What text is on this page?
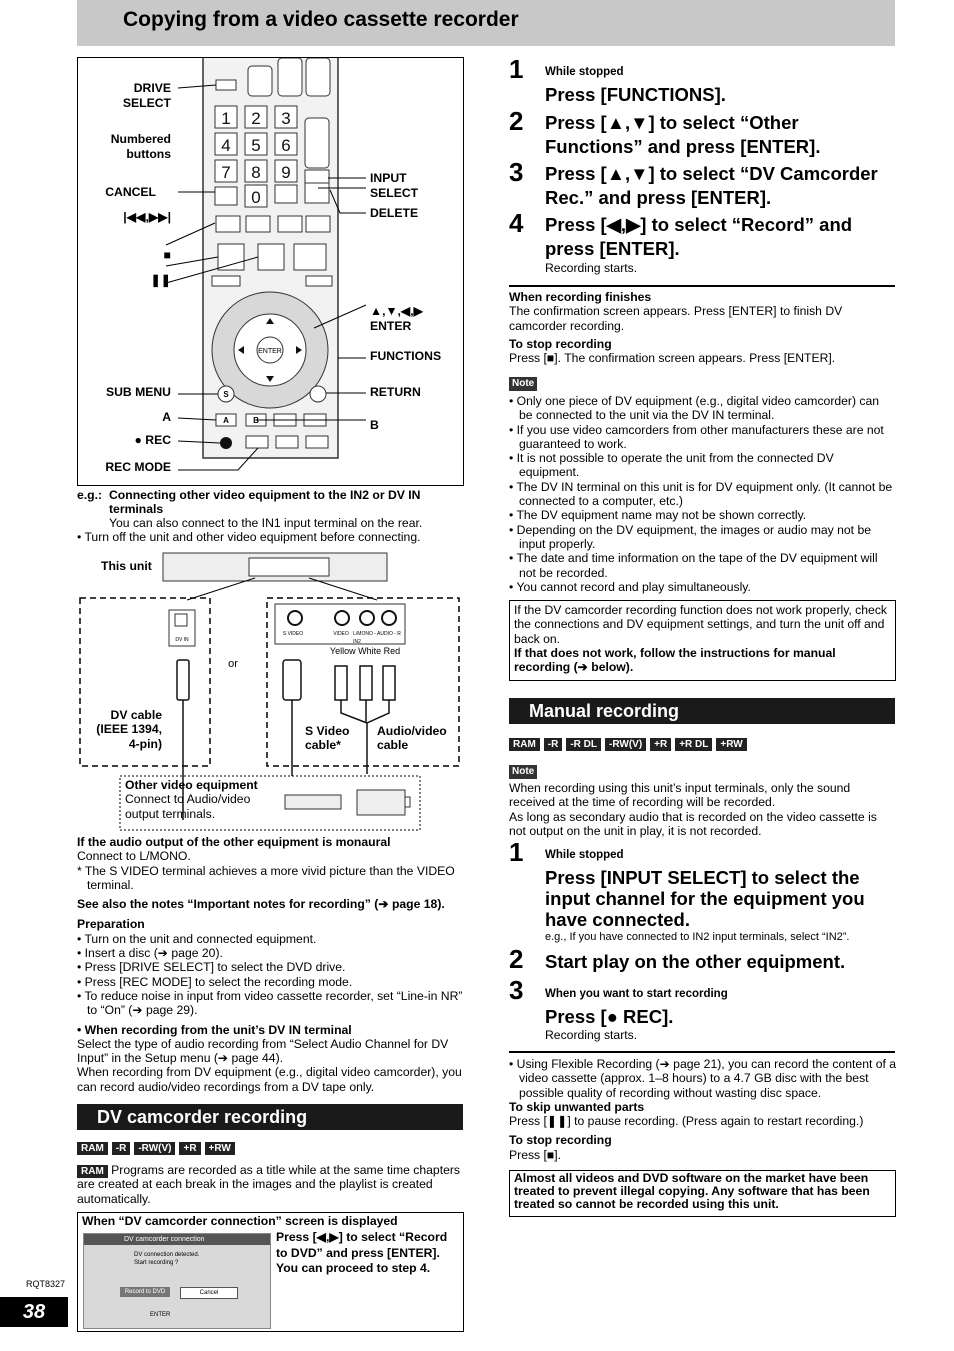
Copying from a video cassette recorder
1 2 3
4 5 6
7 8 9
0
ENTER
S
A	B
DRIVE
SELECT
Numbered
buttons
CANCEL
|◀◀,▶▶|
■
❚❚
SUB MENU
A
● REC
REC MODE
INPUT
SELECT
DELETE
▲,▼,◀,▶
ENTER
FUNCTIONS
RETURN
B
e.g.: Connecting other video equipment to the IN2 or DV IN terminals
You can also connect to the IN1 input terminal on the rear.
• Turn off the unit and other video equipment before connecting.
DV IN
S VIDEO	VIDEO L/MONO - AUDIO - R
IN2
Yellow White Red
or
This unit
DV cable
(IEEE 1394,
4-pin)
S Video
cable*
Audio/video
cable
Other video equipment
Connect to Audio/video
output terminals.

If the audio output of the other equipment is monaural

Connect to L/MONO.

* The S VIDEO terminal achieves a more vivid picture than the VIDEO terminal.

See also the notes “Important notes for recording” (➔ page 18).

Preparation

• Turn on the unit and connected equipment.

• Insert a disc (➔ page 20).

• Press [DRIVE SELECT] to select the DVD drive.

• Press [REC MODE] to select the recording mode.

• To reduce noise in input from video cassette recorder, set “Line-in NR” to “On” (➔ page 29).

• When recording from the unit’s DV IN terminal

Select the type of audio recording from “Select Audio Channel for DV Input” in the Setup menu (➔ page 44).

When recording from DV equipment (e.g., digital video camcorder), you can record audio/video recordings from a DV tape only.

DV camcorder recording
RAM	-R	-RW(V)	+R	+RW
RAM Programs are recorded as a title while at the same time chapters are created at each break in the images and the playlist is created automatically.
When “DV camcorder connection” screen is displayed
DV camcorder connection
DV connection detected.
Start recording ?
Record to DVD	Cancel
ENTER
Press [◀,▶] to select “Record to DVD” and press [ENTER]. You can proceed to step 4.
RQT8327
38
1 While stopped
Press [FUNCTIONS].
2 Press [▲,▼] to select “Other Functions” and press [ENTER].
3 Press [▲,▼] to select “DV Camcorder Rec.” and press [ENTER].
4 Press [◀,▶] to select “Record” and press [ENTER].
Recording starts.

When recording finishes

The confirmation screen appears. Press [ENTER] to finish DV camcorder recording.

To stop recording

Press [■]. The confirmation screen appears. Press [ENTER].

Note

• Only one piece of DV equipment (e.g., digital video camcorder) can be connected to the unit via the DV IN terminal.

• If you use video camcorders from other manufacturers these are not guaranteed to work.

• It is not possible to operate the unit from the connected DV equipment.

• The DV IN terminal on this unit is for DV equipment only. (It cannot be connected to a computer, etc.)

• The DV equipment name may not be shown correctly.

• Depending on the DV equipment, the images or audio may not be input properly.

• The date and time information on the tape of the DV equipment will not be recorded.

• You cannot record and play simultaneously.

If the DV camcorder recording function does not work properly, check the connections and DV equipment settings, and turn the unit off and back on.

If that does not work, follow the instructions for manual recording (➔ below).

Manual recording
RAM	-R	-R DL	-RW(V)	+R	+R DL	+RW
Note

When recording using this unit’s input terminals, only the sound received at the time of recording will be recorded.

As long as secondary audio that is recorded on the video cassette is not output on the unit in play, it is not recorded.

1 While stopped
Press [INPUT SELECT] to select the input channel for the equipment you have connected.
e.g., If you have connected to IN2 input terminals, select “IN2”.
2 Start play on the other equipment.
3 When you want to start recording
Press [● REC].
Recording starts.

• Using Flexible Recording (➔ page 21), you can record the content of a video cassette (approx. 1–8 hours) to a 4.7 GB disc with the best possible quality of recording without wasting disc space.

To skip unwanted parts

Press [❚❚] to pause recording. (Press again to restart recording.)

To stop recording

Press [■].

Almost all videos and DVD software on the market have been treated to prevent illegal copying. Any software that has been treated so cannot be recorded using this unit.
